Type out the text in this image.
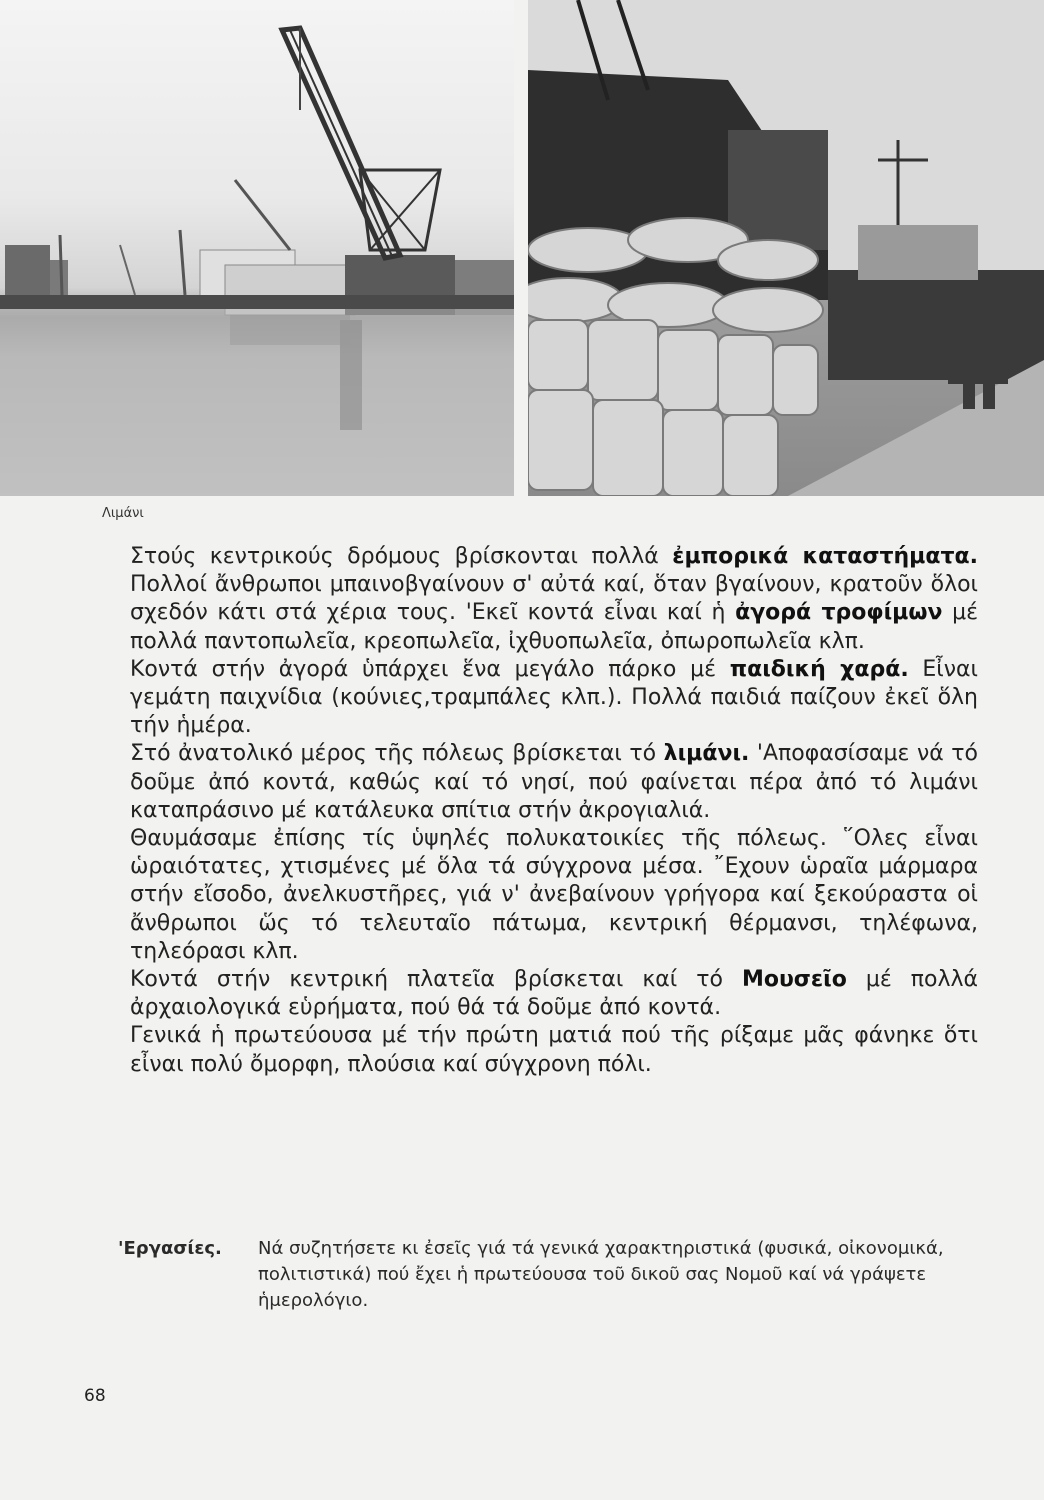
Λιμάνι

Στούς κεντρικούς δρόμους βρίσκονται πολλά ἐμπορικά καταστήματα. Πολλοί ἄνθρωποι μπαινοβγαίνουν σ' αὐτά καί, ὅταν βγαίνουν, κρατοῦν ὅλοι σχεδόν κάτι στά χέρια τους. 'Εκεῖ κοντά εἶναι καί ἡ ἀγορά τροφίμων μέ πολλά παντοπωλεῖα, κρεοπωλεῖα, ἰχθυοπωλεῖα, ὀπωροπωλεῖα κλπ.

Κοντά στήν ἀγορά ὑπάρχει ἕνα μεγάλο πάρκο μέ παιδική χαρά. Εἶναι γεμάτη παιχνίδια (κούνιες,τραμπάλες κλπ.). Πολλά παιδιά παίζουν ἐκεῖ ὅλη τήν ἡμέρα.

Στό ἀνατολικό μέρος τῆς πόλεως βρίσκεται τό λιμάνι. 'Αποφασίσαμε νά τό δοῦμε ἀπό κοντά, καθώς καί τό νησί, πού φαίνεται πέρα ἀπό τό λιμάνι καταπράσινο μέ κατάλευκα σπίτια στήν ἀκρογιαλιά.

Θαυμάσαμε ἐπίσης τίς ὑψηλές πολυκατοικίες τῆς πόλεως. ῞Ολες εἶναι ὡραιότατες, χτισμένες μέ ὅλα τά σύγχρονα μέσα. ῎Εχουν ὡραῖα μάρμαρα στήν εἴσοδο, ἀνελκυστῆρες, γιά ν' ἀνεβαίνουν γρήγορα καί ξεκούραστα οἱ ἄνθρωποι ὥς τό τελευταῖο πάτωμα, κεντρική θέρμανσι, τηλέφωνα, τηλεόρασι κλπ.

Κοντά στήν κεντρική πλατεῖα βρίσκεται καί τό Μουσεῖο μέ πολλά ἀρχαιολογικά εὑρήματα, πού θά τά δοῦμε ἀπό κοντά.

Γενικά ἡ πρωτεύουσα μέ τήν πρώτη ματιά πού τῆς ρίξαμε μᾶς φάνηκε ὅτι εἶναι πολύ ὄμορφη, πλούσια καί σύγχρονη πόλι.

'Εργασίες.	Νά συζητήσετε κι ἐσεῖς γιά τά γενικά χαρακτηριστικά (φυσικά, οἰκονομικά, πολιτιστικά) πού ἔχει ἡ πρωτεύουσα τοῦ δικοῦ σας Νομοῦ καί νά γράψετε ἡμερολόγιο.
68
